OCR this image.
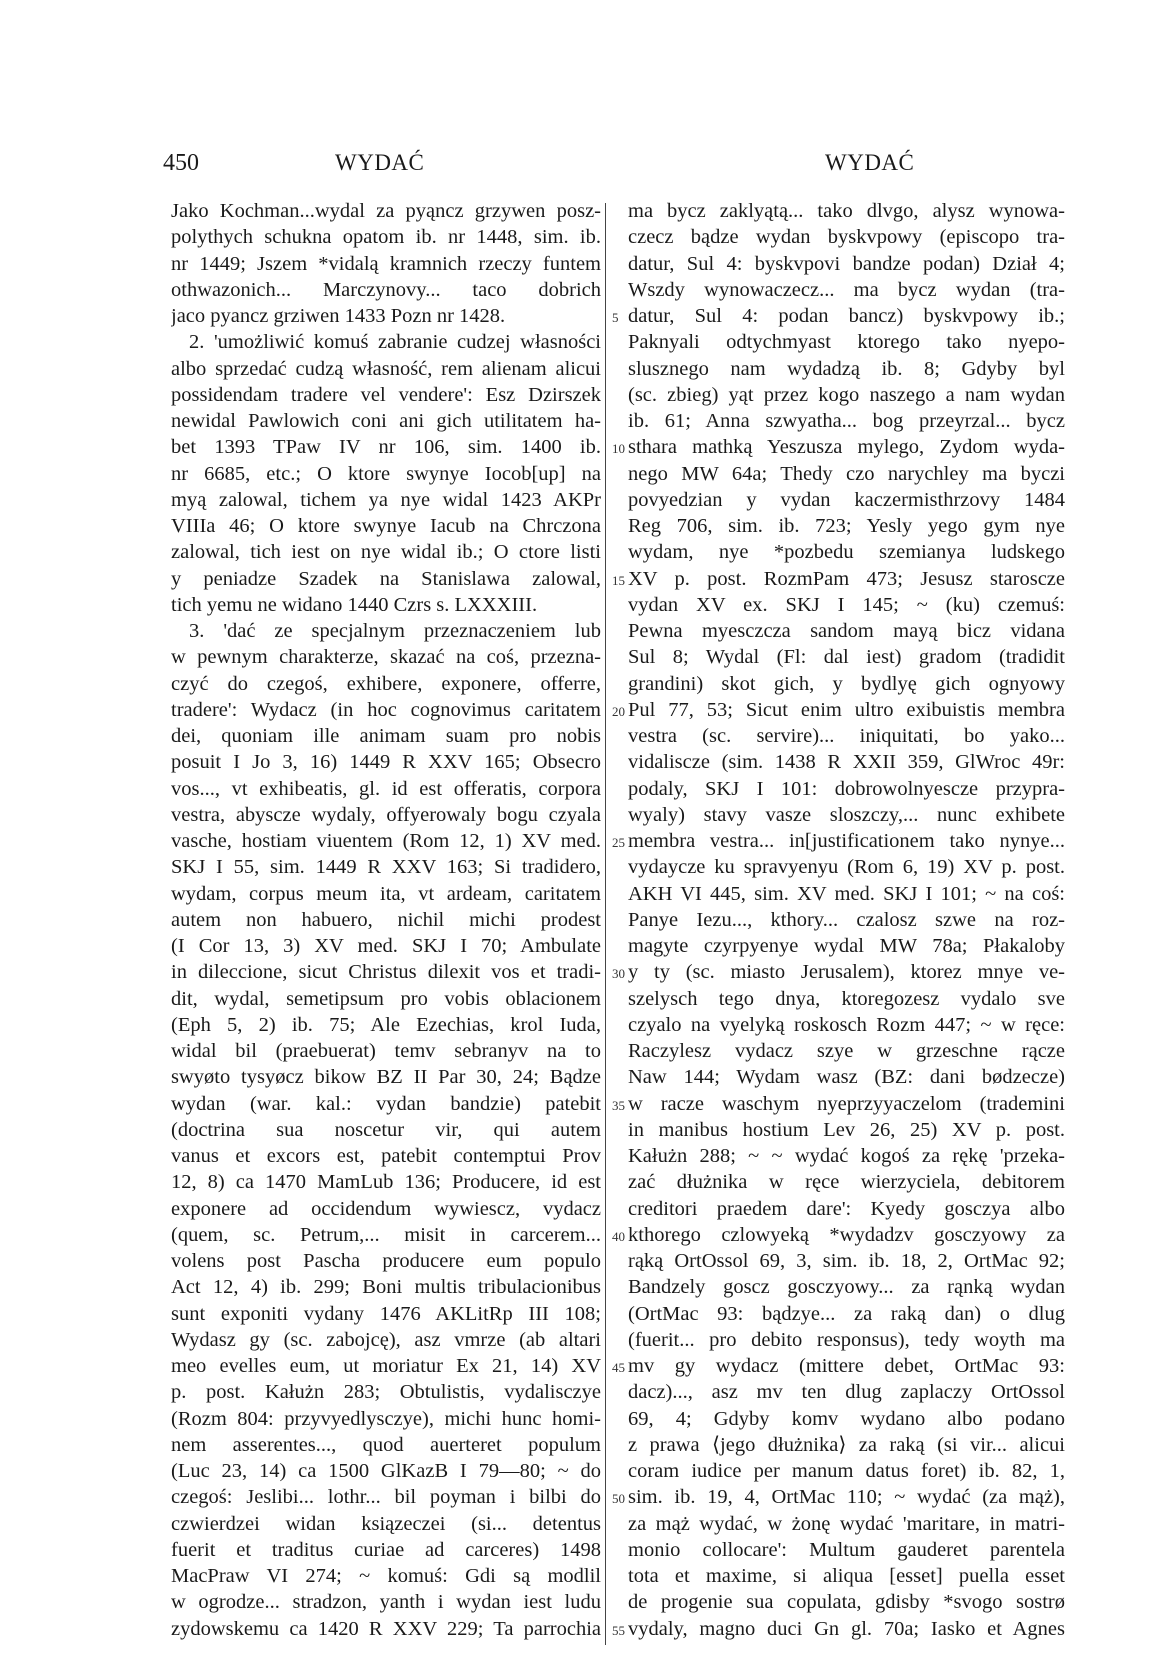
450	WYDAĆ	WYDAĆ
Jako Kochman...wydal za pyąncz grzywen posz-
polythych schukna opatom ib. nr 1448, sim. ib.
nr 1449; Jszem *vidalą kramnich rzeczy funtem
othwazonich... Marczynovy... taco dobrich
jaco pyancz grziwen 1433 Pozn nr 1428.
2. 'umożliwić komuś zabranie cudzej własności
albo sprzedać cudzą własność, rem alienam alicui
possidendam tradere vel vendere': Esz Dzirszek
newidal Pawlowich coni ani gich utilitatem ha-
bet 1393 TPaw IV nr 106, sim. 1400 ib.
nr 6685, etc.; O ktore swynye Iocob[up] na
myą zalowal, tichem ya nye widal 1423 AKPr
VIIIa 46; O ktore swynye Iacub na Chrczona
zalowal, tich iest on nye widal ib.; O ctore listi
y peniadze Szadek na Stanislawa zalowal,
tich yemu ne widano 1440 Czrs s. LXXXIII.
3. 'dać ze specjalnym przeznaczeniem lub
w pewnym charakterze, skazać na coś, przezna-
czyć do czegoś, exhibere, exponere, offerre,
tradere': Wydacz (in hoc cognovimus caritatem
dei, quoniam ille animam suam pro nobis
posuit I Jo 3, 16) 1449 R XXV 165; Obsecro
vos..., vt exhibeatis, gl. id est offeratis, corpora
vestra, abyscze wydaly, offyerowaly bogu czyala
vasche, hostiam viuentem (Rom 12, 1) XV med.
SKJ I 55, sim. 1449 R XXV 163; Si tradidero,
wydam, corpus meum ita, vt ardeam, caritatem
autem non habuero, nichil michi prodest
(I Cor 13, 3) XV med. SKJ I 70; Ambulate
in dileccione, sicut Christus dilexit vos et tradi-
dit, wydal, semetipsum pro vobis oblacionem
(Eph 5, 2) ib. 75; Ale Ezechias, krol Iuda,
widal bil (praebuerat) temv sebranyv na to
swyøto tysyøcz bikow BZ II Par 30, 24; Bądze
wydan (war. kal.: vydan bandzie) patebit
(doctrina sua noscetur vir, qui autem
vanus et excors est, patebit contemptui Prov
12, 8) ca 1470 MamLub 136; Producere, id est
exponere ad occidendum wywiescz, vydacz
(quem, sc. Petrum,... misit in carcerem...
volens post Pascha producere eum populo
Act 12, 4) ib. 299; Boni multis tribulacionibus
sunt exponiti vydany 1476 AKLitRp III 108;
Wydasz gy (sc. zabojcę), asz vmrze (ab altari
meo evelles eum, ut moriatur Ex 21, 14) XV
p. post. Kałużn 283; Obtulistis, vydalisczye
(Rozm 804: przyvyedlysczye), michi hunc homi-
nem asserentes..., quod auerteret populum
(Luc 23, 14) ca 1500 GlKazB I 79—80; ~ do
czegoś: Jeslibi... lothr... bil poyman i bilbi do
czwierdzei widan ksiązeczei (si... detentus
fuerit et traditus curiae ad carceres) 1498
MacPraw VI 274; ~ komuś: Gdi są modlil
w ogrodze... stradzon, yanth i wydan iest ludu
zydowskemu ca 1420 R XXV 229; Ta parrochia
5
10
15
20
25
30
35
40
45
50
55
ma bycz zaklyątą... tako dlvgo, alysz wynowa-
czecz bądze wydan byskvpowy (episcopo tra-
datur, Sul 4: byskvpovi bandze podan) Dział 4;
Wszdy wynowaczecz... ma bycz wydan (tra-
datur, Sul 4: podan bancz) byskvpowy ib.;
Paknyali odtychmyast ktorego tako nyepo-
slusznego nam wydadzą ib. 8; Gdyby byl
(sc. zbieg) yąt przez kogo naszego a nam wydan
ib. 61; Anna szwyatha... bog przeyrzal... bycz
sthara mathką Yeszusza mylego, Zydom wyda-
nego MW 64a; Thedy czo narychley ma byczi
povyedzian y vydan kaczermisthrzovy 1484
Reg 706, sim. ib. 723; Yesly yego gym nye
wydam, nye *pozbedu szemianya ludskego
XV p. post. RozmPam 473; Jesusz staroscze
vydan XV ex. SKJ I 145; ~ (ku) czemuś:
Pewna myesczcza sandom mayą bicz vidana
Sul 8; Wydal (Fl: dal iest) gradom (tradidit
grandini) skot gich, y bydlyę gich ognyowy
Pul 77, 53; Sicut enim ultro exibuistis membra
vestra (sc. servire)... iniquitati, bo yako...
vidaliscze (sim. 1438 R XXII 359, GlWroc 49r:
podaly, SKJ I 101: dobrowolnyescze przypra-
wyaly) stavy vasze sloszczy,... nunc exhibete
membra vestra... in[justificationem tako nynye...
vydaycze ku spravyenyu (Rom 6, 19) XV p. post.
AKH VI 445, sim. XV med. SKJ I 101; ~ na coś:
Panye Iezu..., kthory... czalosz szwe na roz-
magyte czyrpyenye wydal MW 78a; Płakaloby
y ty (sc. miasto Jerusalem), ktorez mnye ve-
szelysch tego dnya, ktoregozesz vydalo sve
czyalo na vyelyką roskosch Rozm 447; ~ w ręce:
Raczylesz vydacz szye w grzeschne rącze
Naw 144; Wydam wasz (BZ: dani bødzecze)
w racze waschym nyeprzyyaczelom (trademini
in manibus hostium Lev 26, 25) XV p. post.
Kałużn 288; ~ ~ wydać kogoś za rękę 'przeka-
zać dłużnika w ręce wierzyciela, debitorem
creditori praedem dare': Kyedy gosczya albo
kthorego czlowyeką *wydadzv gosczyowy za
rąką OrtOssol 69, 3, sim. ib. 18, 2, OrtMac 92;
Bandzely goscz gosczyowy... za rąnką wydan
(OrtMac 93: bądzye... za raką dan) o dlug
(fuerit... pro debito responsus), tedy woyth ma
mv gy wydacz (mittere debet, OrtMac 93:
dacz)..., asz mv ten dlug zaplaczy OrtOssol
69, 4; Gdyby komv wydano albo podano
z prawa ⟨jego dłużnika⟩ za raką (si vir... alicui
coram iudice per manum datus foret) ib. 82, 1,
sim. ib. 19, 4, OrtMac 110; ~ wydać (za mąż),
za mąż wydać, w żonę wydać 'maritare, in matri-
monio collocare': Multum gauderet parentela
tota et maxime, si aliqua [esset] puella esset
de progenie sua copulata, gdisby *svogo sostrø
vydaly, magno duci Gn gl. 70a; Iasko et Agnes
